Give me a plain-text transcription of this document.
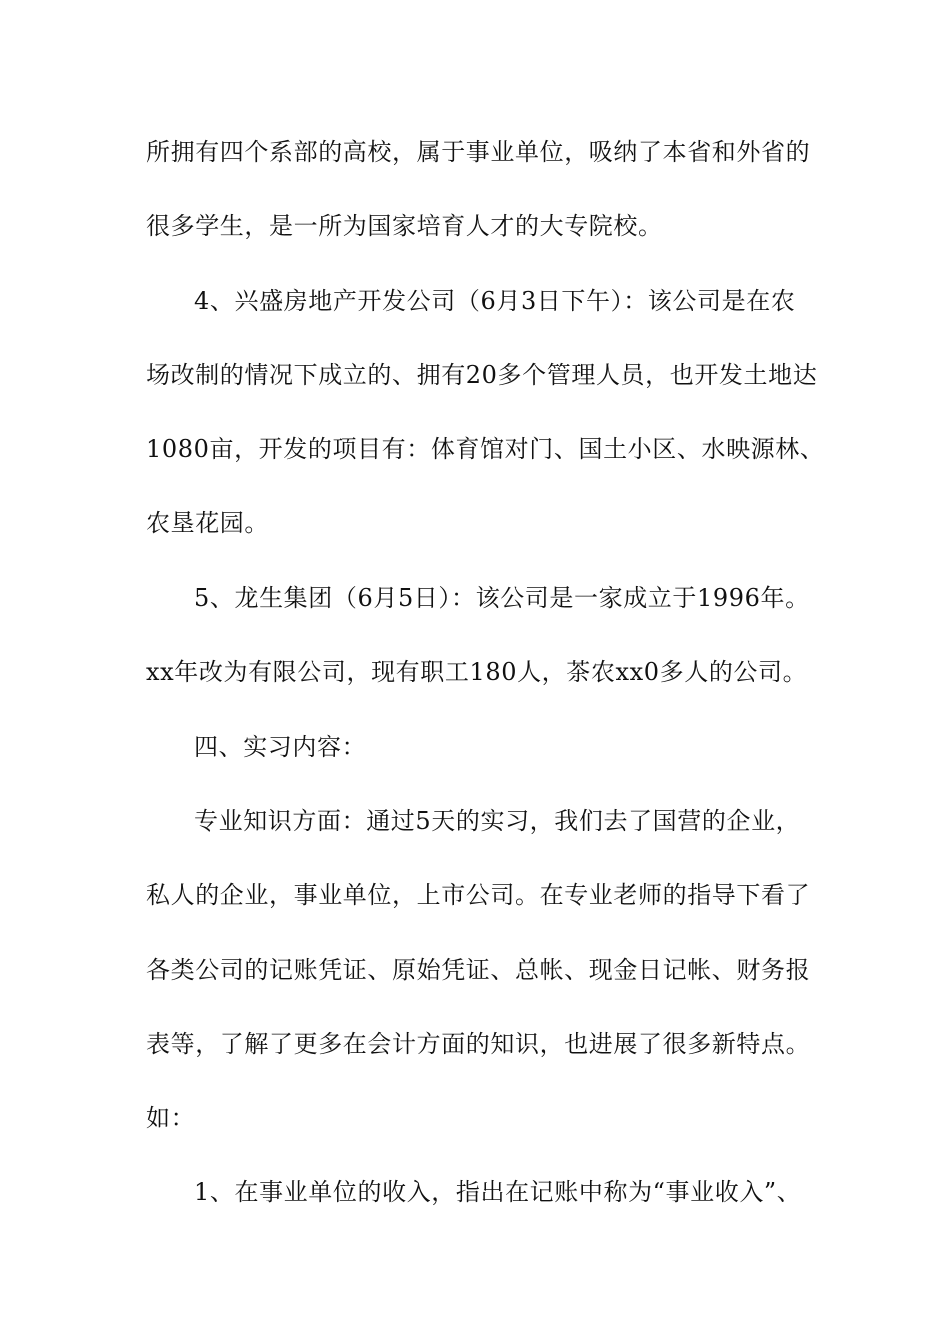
所拥有四个系部的高校，属于事业单位，吸纳了本省和外省的
很多学生，是一所为国家培育人才的大专院校。
4、兴盛房地产开发公司（6月3日下午）：该公司是在农
场改制的情况下成立的、拥有20多个管理人员，也开发土地达
1080亩，开发的项目有：体育馆对门、国土小区、水映源林、
农垦花园。
5、龙生集团（6月5日）：该公司是一家成立于1996年。
xx年改为有限公司，现有职工180人，茶农xx0多人的公司。
四、实习内容：
专业知识方面：通过5天的实习，我们去了国营的企业，
私人的企业，事业单位，上市公司。在专业老师的指导下看了
各类公司的记账凭证、原始凭证、总帐、现金日记帐、财务报
表等，了解了更多在会计方面的知识，也进展了很多新特点。
如：
1、在事业单位的收入，指出在记账中称为“事业收入”、
